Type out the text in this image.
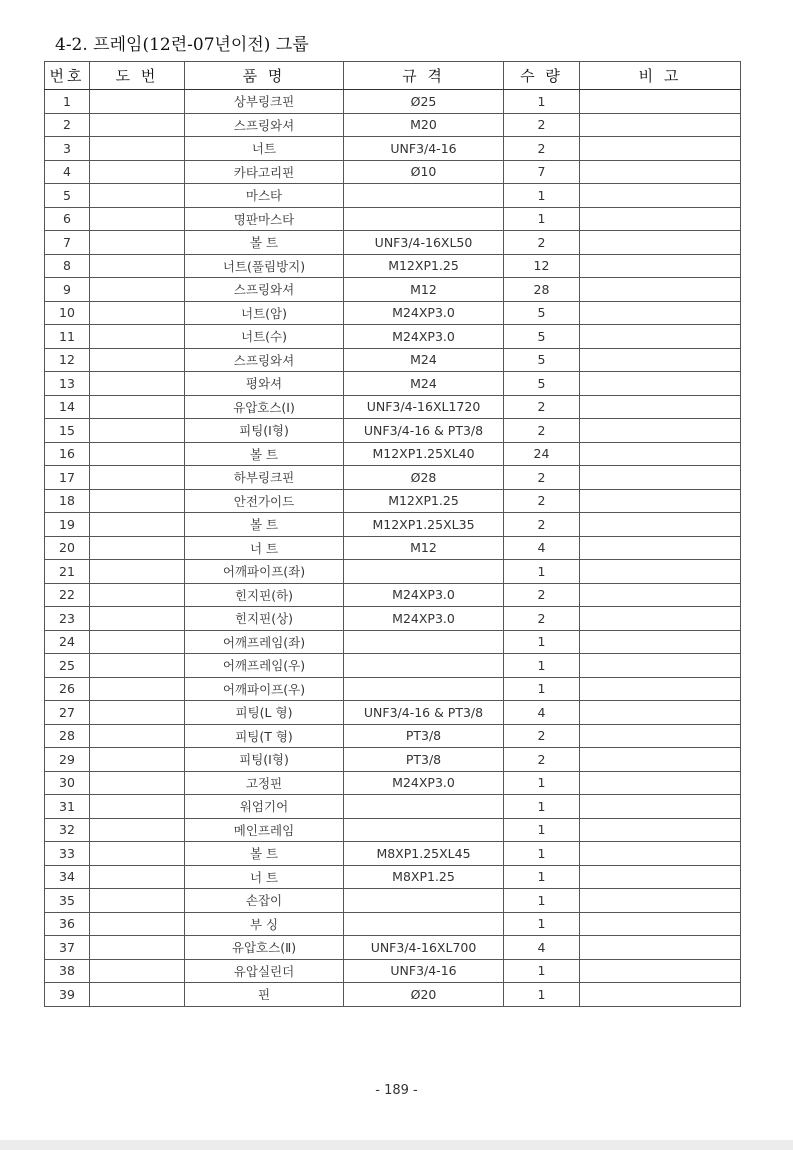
4-2. 프레임(12련-07년이전) 그룹
번호	도 번	품 명	규 격	수 량	비 고
1		상부링크핀	Ø25	1	
2		스프링와셔	M20	2	
3		너트	UNF3/4-16	2	
4		카타고리핀	Ø10	7	
5		마스타		1	
6		명판마스타		1	
7		볼 트	UNF3/4-16XL50	2	
8		너트(풀림방지)	M12XP1.25	12	
9		스프링와셔	M12	28	
10		너트(암)	M24XP3.0	5	
11		너트(수)	M24XP3.0	5	
12		스프링와셔	M24	5	
13		평와셔	M24	5	
14		유압호스(Ⅰ)	UNF3/4-16XL1720	2	
15		피팅(Ⅰ형)	UNF3/4-16 & PT3/8	2	
16		볼 트	M12XP1.25XL40	24	
17		하부링크핀	Ø28	2	
18		안전가이드	M12XP1.25	2	
19		볼 트	M12XP1.25XL35	2	
20		너 트	M12	4	
21		어깨파이프(좌)		1	
22		힌지핀(하)	M24XP3.0	2	
23		힌지핀(상)	M24XP3.0	2	
24		어깨프레임(좌)		1	
25		어깨프레임(우)		1	
26		어깨파이프(우)		1	
27		피팅(L 형)	UNF3/4-16 & PT3/8	4	
28		피팅(T 형)	PT3/8	2	
29		피팅(Ⅰ형)	PT3/8	2	
30		고정핀	M24XP3.0	1	
31		워엄기어		1	
32		메인프레임		1	
33		볼 트	M8XP1.25XL45	1	
34		너 트	M8XP1.25	1	
35		손잡이		1	
36		부 싱		1	
37		유압호스(Ⅱ)	UNF3/4-16XL700	4	
38		유압실린더	UNF3/4-16	1	
39		핀	Ø20	1	
- 189 -
